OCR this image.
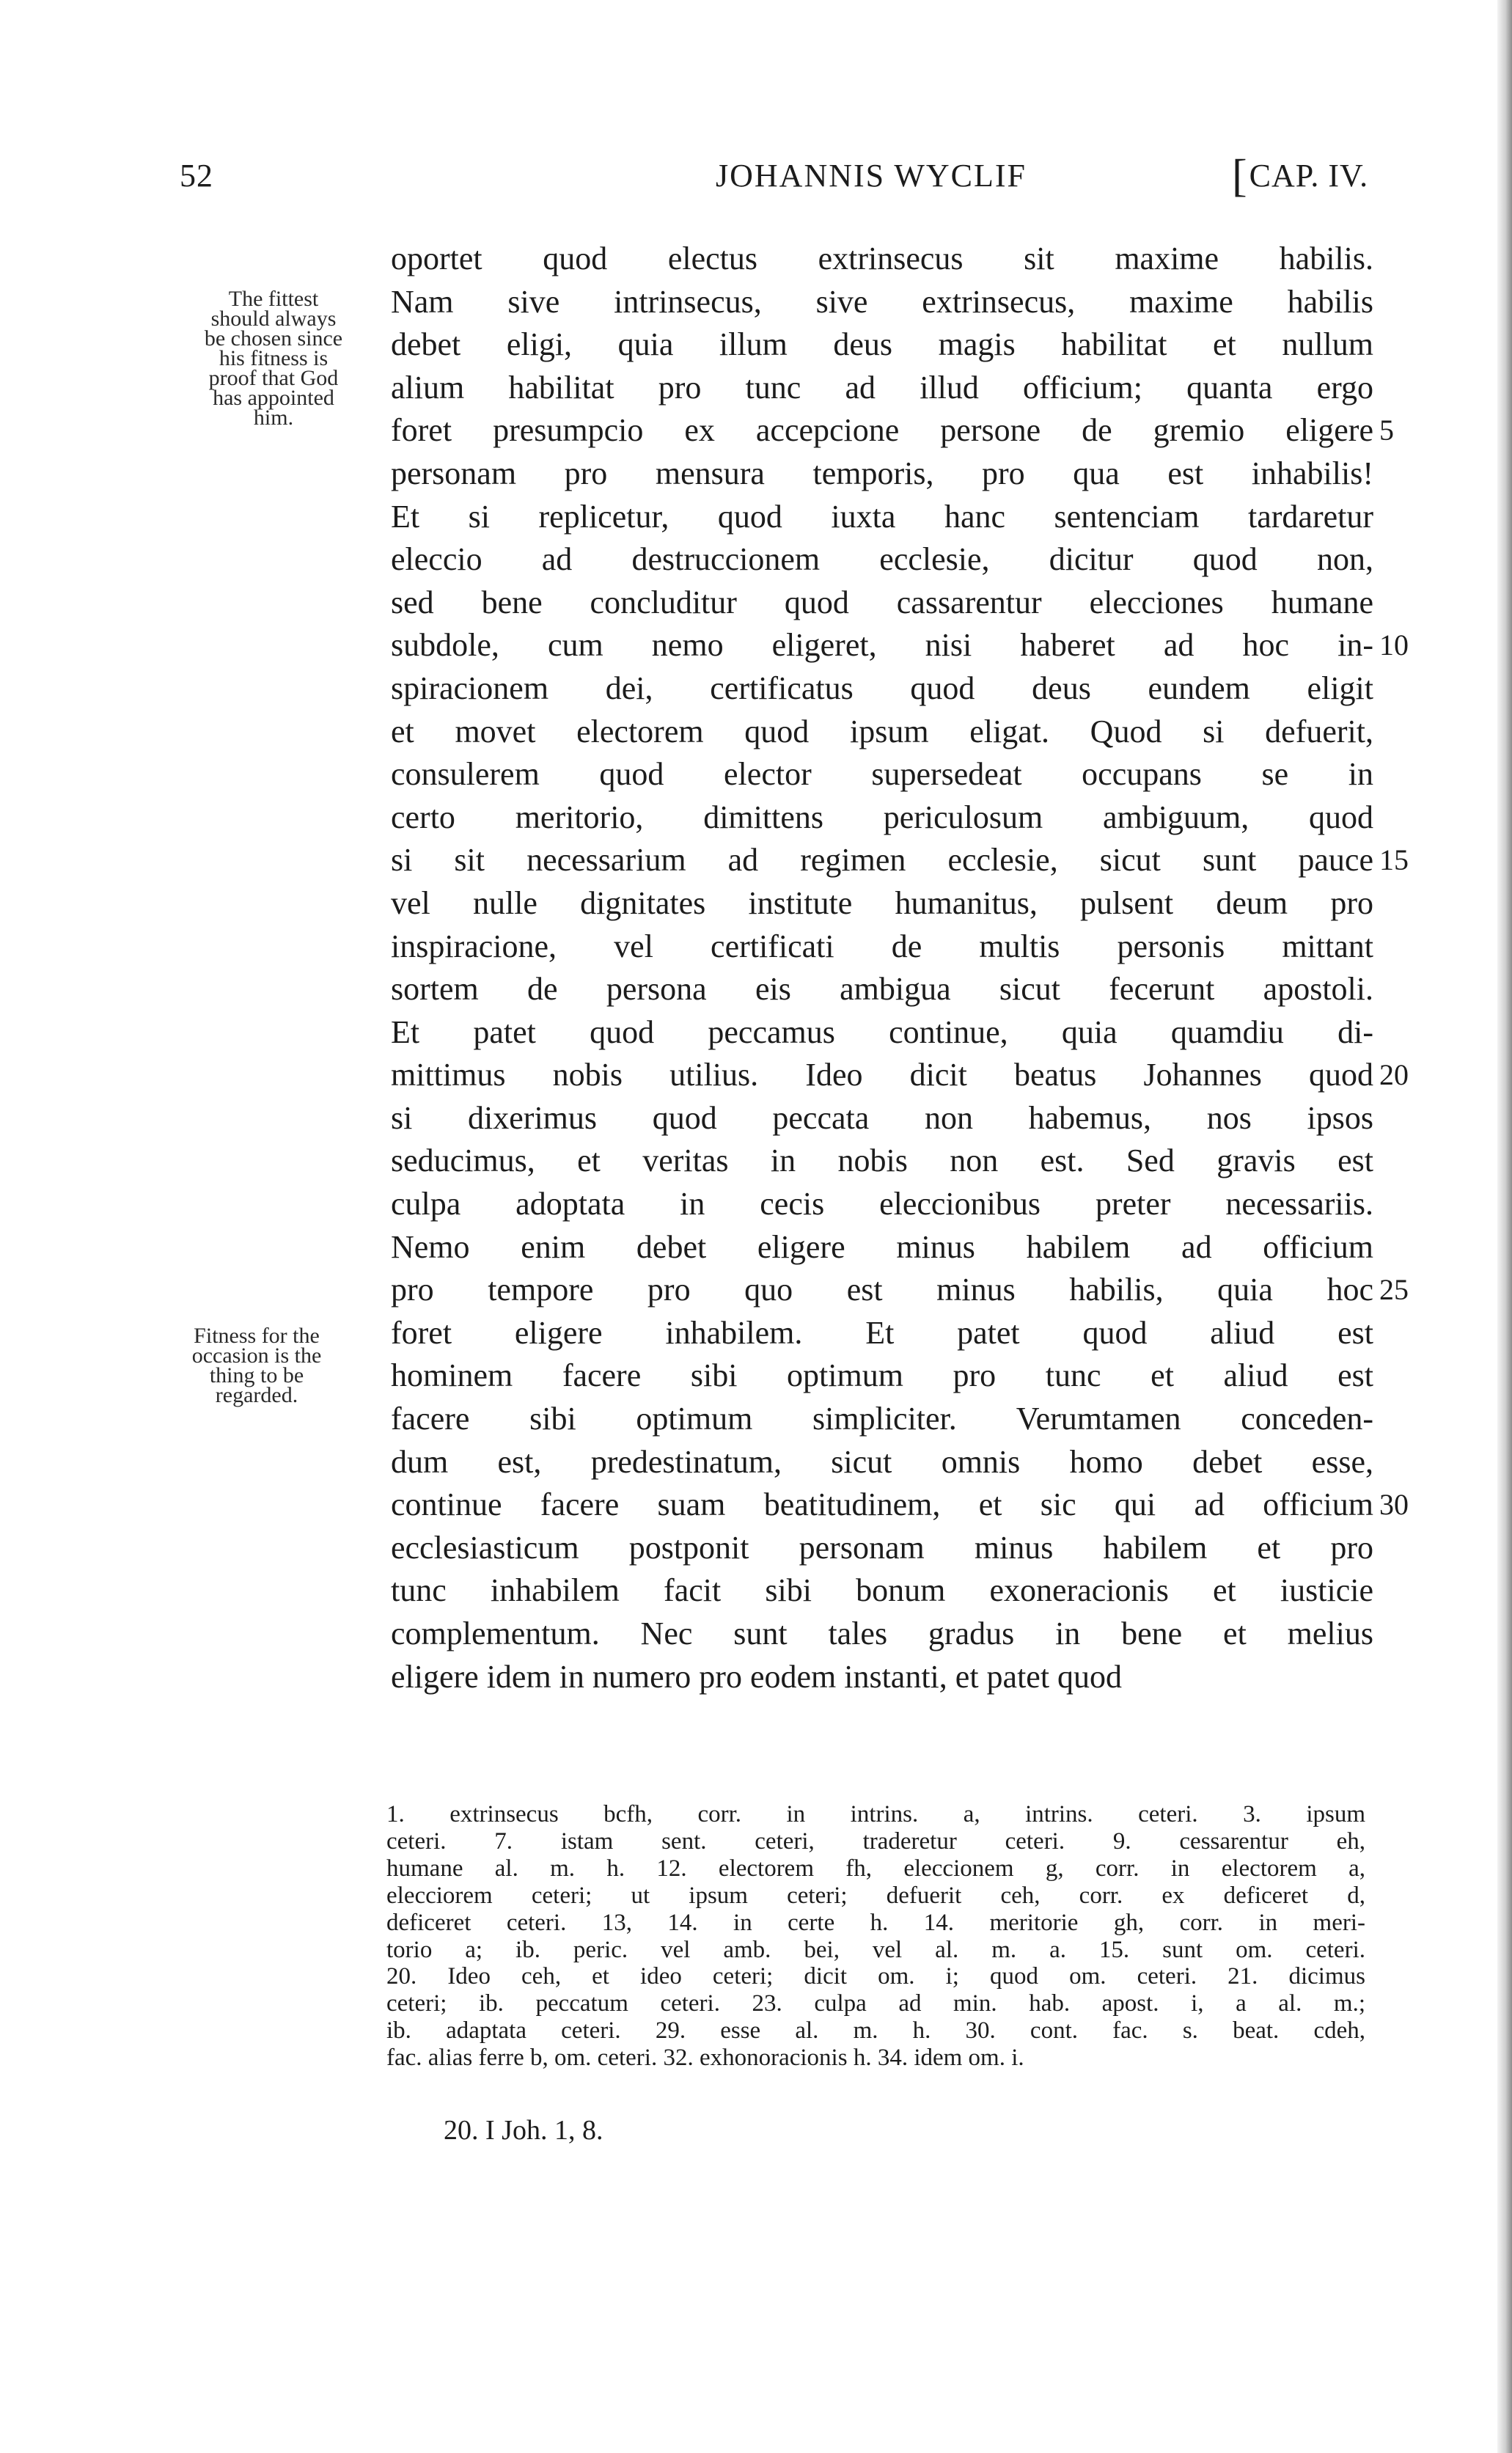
52	JOHANNIS WYCLIF	[CAP. IV.
The fittest
should always
be chosen since
his fitness is
proof that God
has appointed
him.
Fitness for the
occasion is the
thing to be
regarded.
oportet quod electus extrinsecus sit maxime habilis.
Nam sive intrinsecus, sive extrinsecus, maxime habilis
debet eligi, quia illum deus magis habilitat et nullum
alium habilitat pro tunc ad illud officium; quanta ergo
foret presumpcio ex accepcione persone de gremio eligere 5
personam pro mensura temporis, pro qua est inhabilis!
Et si replicetur, quod iuxta hanc sentenciam tardaretur
eleccio ad destruccionem ecclesie, dicitur quod non,
sed bene concluditur quod cassarentur elecciones humane
subdole, cum nemo eligeret, nisi haberet ad hoc in- 10
spiracionem dei, certificatus quod deus eundem eligit
et movet electorem quod ipsum eligat. Quod si defuerit,
consulerem quod elector supersedeat occupans se in
certo meritorio, dimittens periculosum ambiguum, quod
si sit necessarium ad regimen ecclesie, sicut sunt pauce 15
vel nulle dignitates institute humanitus, pulsent deum pro
inspiracione, vel certificati de multis personis mittant
sortem de persona eis ambigua sicut fecerunt apostoli.
Et patet quod peccamus continue, quia quamdiu di-
mittimus nobis utilius. Ideo dicit beatus Johannes quod 20
si dixerimus quod peccata non habemus, nos ipsos
seducimus, et veritas in nobis non est. Sed gravis est
culpa adoptata in cecis eleccionibus preter necessariis.
Nemo enim debet eligere minus habilem ad officium
pro tempore pro quo est minus habilis, quia hoc 25
foret eligere inhabilem. Et patet quod aliud est
hominem facere sibi optimum pro tunc et aliud est
facere sibi optimum simpliciter. Verumtamen conceden-
dum est, predestinatum, sicut omnis homo debet esse,
continue facere suam beatitudinem, et sic qui ad officium 30
ecclesiasticum postponit personam minus habilem et pro
tunc inhabilem facit sibi bonum exoneracionis et iusticie
complementum. Nec sunt tales gradus in bene et melius
eligere idem in numero pro eodem instanti, et patet quod
1. extrinsecus bcfh, corr. in intrins. a, intrins. ceteri. 3. ipsum
ceteri. 7. istam sent. ceteri, traderetur ceteri. 9. cessarentur eh,
humane al. m. h. 12. electorem fh, eleccionem g, corr. in electorem a,
elecciorem ceteri; ut ipsum ceteri; defuerit ceh, corr. ex deficeret d,
deficeret ceteri. 13, 14. in certe h. 14. meritorie gh, corr. in meri-
torio a; ib. peric. vel amb. bei, vel al. m. a. 15. sunt om. ceteri.
20. Ideo ceh, et ideo ceteri; dicit om. i; quod om. ceteri. 21. dicimus
ceteri; ib. peccatum ceteri. 23. culpa ad min. hab. apost. i, a al. m.;
ib. adaptata ceteri. 29. esse al. m. h. 30. cont. fac. s. beat. cdeh,
fac. alias ferre b, om. ceteri. 32. exhonoracionis h. 34. idem om. i.
20. I Joh. 1, 8.
